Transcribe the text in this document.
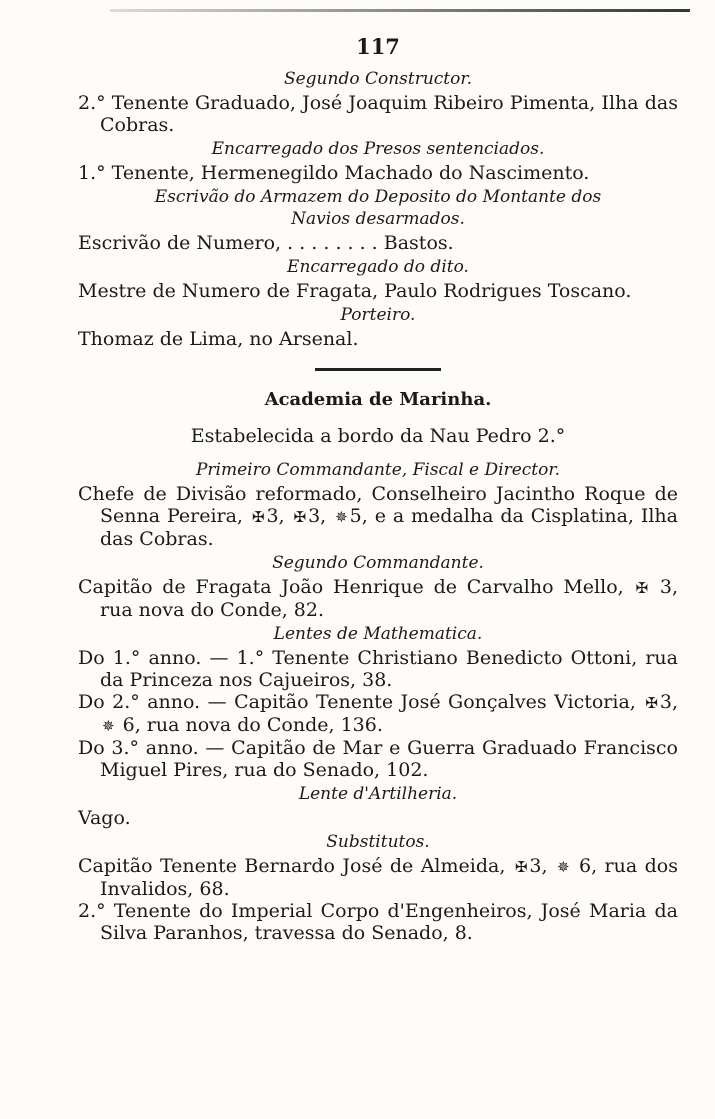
117
Segundo Constructor.
2.° Tenente Graduado, José Joaquim Ribeiro Pimenta, Ilha das Cobras.
Encarregado dos Presos sentenciados.
1.° Tenente, Hermenegildo Machado do Nascimento.
Escrivão do Armazem do Deposito do Montante dos
Navios desarmados.
Escrivão de Numero, . . . . . . . . Bastos.
Encarregado do dito.
Mestre de Numero de Fragata, Paulo Rodrigues Toscano.
Porteiro.
Thomaz de Lima, no Arsenal.
Academia de Marinha.
Estabelecida a bordo da Nau Pedro 2.°
Primeiro Commandante, Fiscal e Director.
Chefe de Divisão reformado, Conselheiro Jacintho Roque de Senna Pereira, ✠ 3, ✠ 3, ✵ 5, e a medalha da Cisplatina, Ilha das Cobras.
Segundo Commandante.
Capitão de Fragata João Henrique de Carvalho Mello, ✠ 3, rua nova do Conde, 82.
Lentes de Mathematica.
Do 1.° anno. — 1.° Tenente Christiano Benedicto Ottoni, rua da Princeza nos Cajueiros, 38.
Do 2.° anno. — Capitão Tenente José Gonçalves Victoria, ✠ 3, ✵ 6, rua nova do Conde, 136.
Do 3.° anno. — Capitão de Mar e Guerra Graduado Francisco Miguel Pires, rua do Senado, 102.
Lente d'Artilheria.
Vago.
Substitutos.
Capitão Tenente Bernardo José de Almeida, ✠ 3, ✵ 6, rua dos Invalidos, 68.
2.° Tenente do Imperial Corpo d'Engenheiros, José Maria da Silva Paranhos, travessa do Senado, 8.
